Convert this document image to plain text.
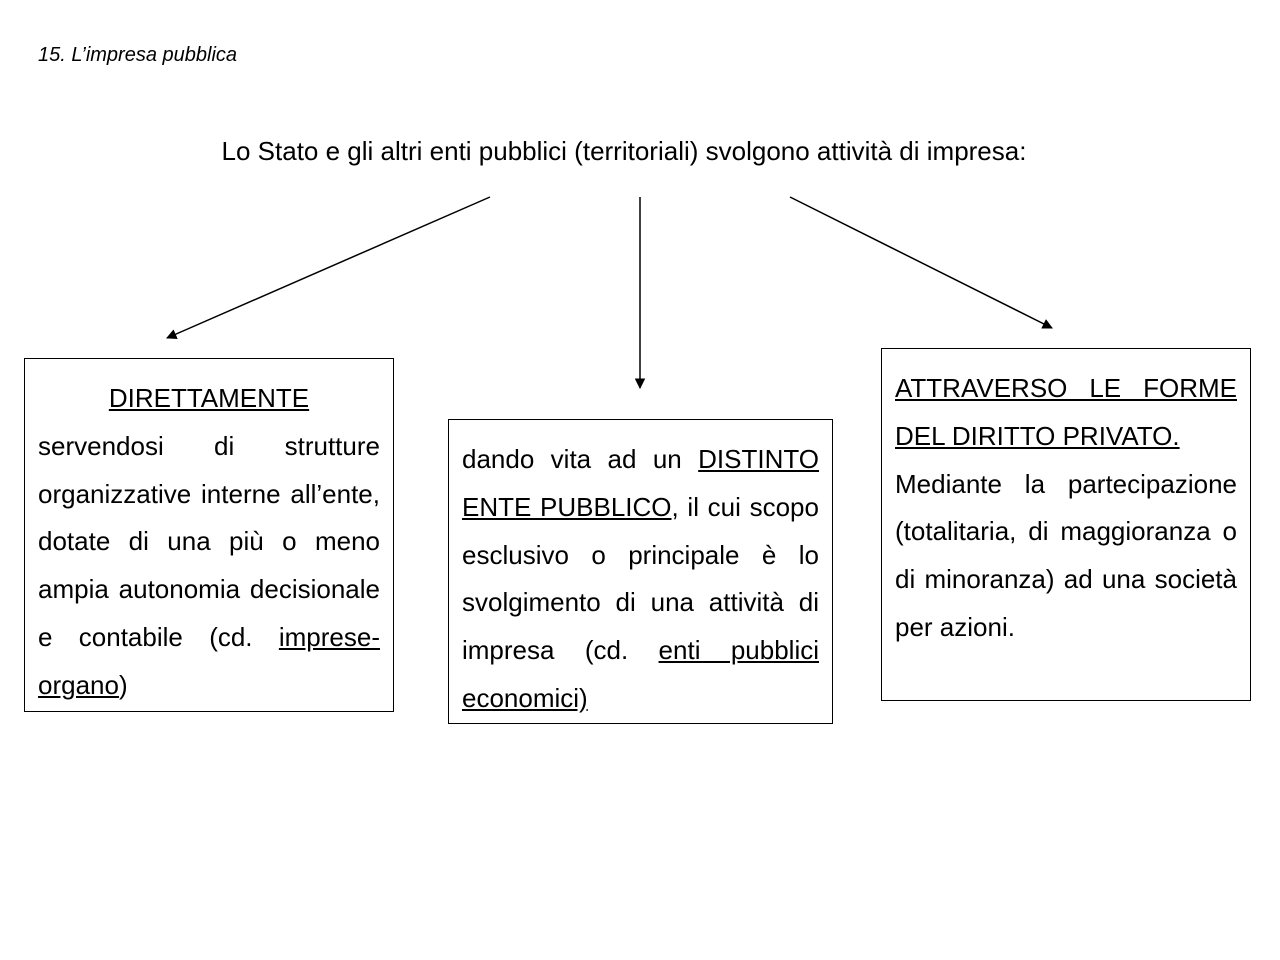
15. L’impresa pubblica
Lo Stato e gli altri enti pubblici (territoriali) svolgono attività di impresa:
DIRETTAMENTE
servendosi di strutture organizzative interne all’ente, dotate di una più o meno ampia autonomia decisionale e contabile (cd. imprese-organo)
dando vita ad un DISTINTO ENTE PUBBLICO, il cui scopo esclusivo o principale è lo svolgimento di una attività di impresa (cd. enti pubblici economici)
ATTRAVERSO LE FORME DEL DIRITTO PRIVATO.
Mediante la partecipazione (totalitaria, di maggioranza o di minoranza) ad una società per azioni.
